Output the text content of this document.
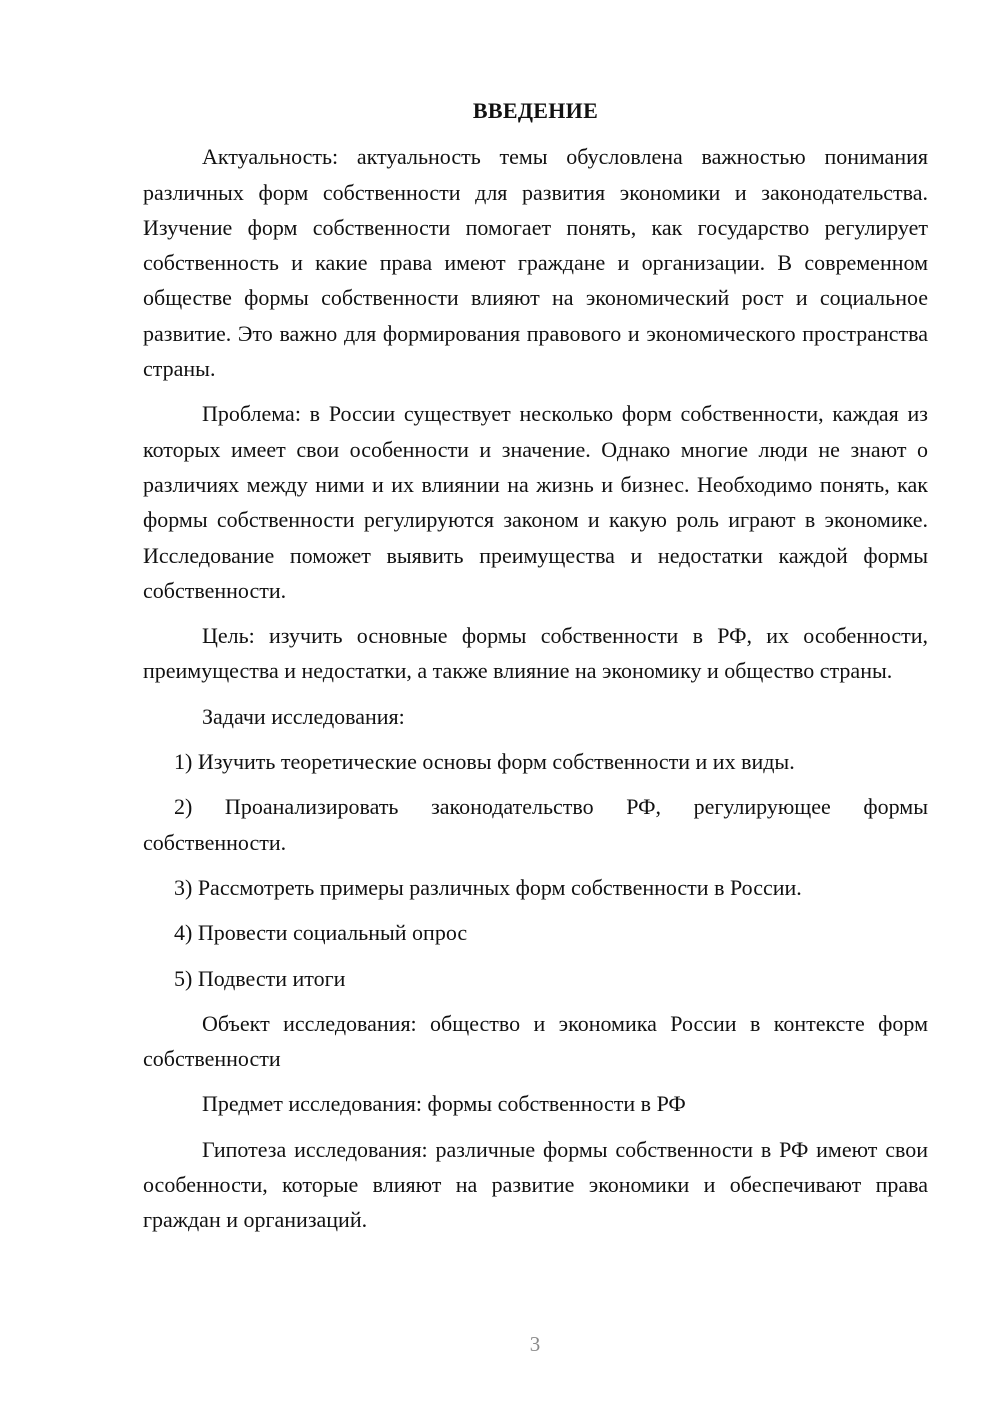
ВВЕДЕНИЕ

Актуальность: актуальность темы обусловлена важностью понимания различных форм собственности для развития экономики и законодательства. Изучение форм собственности помогает понять, как государство регулирует собственность и какие права имеют граждане и организации. В современном обществе формы собственности влияют на экономический рост и социальное развитие. Это важно для формирования правового и экономического пространства страны.

Проблема: в России существует несколько форм собственности, каждая из которых имеет свои особенности и значение. Однако многие люди не знают о различиях между ними и их влиянии на жизнь и бизнес. Необходимо понять, как формы собственности регулируются законом и какую роль играют в экономике. Исследование поможет выявить преимущества и недостатки каждой формы собственности.

Цель: изучить основные формы собственности в РФ, их особенности, преимущества и недостатки, а также влияние на экономику и общество страны.

Задачи исследования:

1) Изучить теоретические основы форм собственности и их виды.

2) Проанализировать законодательство РФ, регулирующее формы собственности.

3) Рассмотреть примеры различных форм собственности в России.

4) Провести социальный опрос

5) Подвести итоги

Объект исследования: общество и экономика России в контексте форм собственности

Предмет исследования: формы собственности в РФ

Гипотеза исследования: различные формы собственности в РФ имеют свои особенности, которые влияют на развитие экономики и обеспечивают права граждан и организаций.

3
